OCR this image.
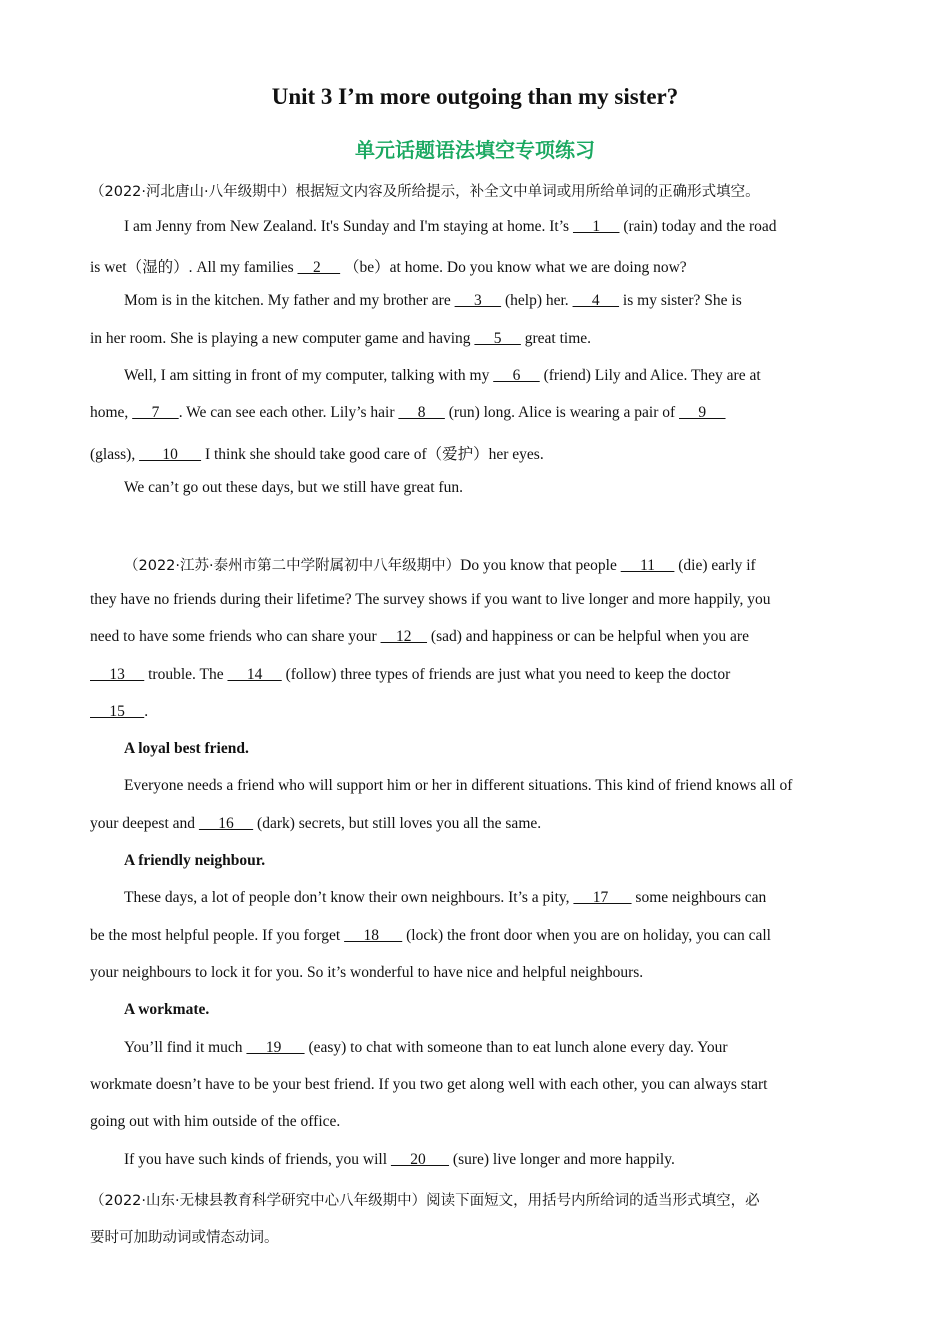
Unit 3 I’m more outgoing than my sister?
单元话题语法填空专项练习
（2022·河北唐山·八年级期中）根据短文内容及所给提示，补全文中单词或用所给单词的正确形式填空。
I am Jenny from New Zealand. It's Sunday and I'm staying at home. It’s      1      (rain) today and the road
is wet（湿的）. All my families     2      （be）at home. Do you know what we are doing now?
Mom is in the kitchen. My father and my brother are      3      (help) her.      4      is my sister? She is
in her room. She is playing a new computer game and having      5      great time.
Well, I am sitting in front of my computer, talking with my      6      (friend) Lily and Alice. They are at
home,      7     . We can see each other. Lily’s hair      8      (run) long. Alice is wearing a pair of      9
(glass),       10       I think she should take good care of（爱护）her eyes.
We can’t go out these days, but we still have great fun.
（2022·江苏·泰州市第二中学附属初中八年级期中）Do you know that people      11      (die) early if
they have no friends during their lifetime? The survey shows if you want to live longer and more happily, you
need to have some friends who can share your     12     (sad) and happiness or can be helpful when you are
13      trouble. The      14      (follow) three types of friends are just what you need to keep the doctor
15     .
A loyal best friend.
Everyone needs a friend who will support him or her in different situations. This kind of friend knows all of
your deepest and      16      (dark) secrets, but still loves you all the same.
A friendly neighbour.
These days, a lot of people don’t know their own neighbours. It’s a pity,      17       some neighbours can
be the most helpful people. If you forget      18       (lock) the front door when you are on holiday, you can call
your neighbours to lock it for you. So it’s wonderful to have nice and helpful neighbours.
A workmate.
You’ll find it much      19       (easy) to chat with someone than to eat lunch alone every day. Your
workmate doesn’t have to be your best friend. If you two get along well with each other, you can always start
going out with him outside of the office.
If you have such kinds of friends, you will      20       (sure) live longer and more happily.
（2022·山东·无棣县教育科学研究中心八年级期中）阅读下面短文，用括号内所给词的适当形式填空，必
要时可加助动词或情态动词。
